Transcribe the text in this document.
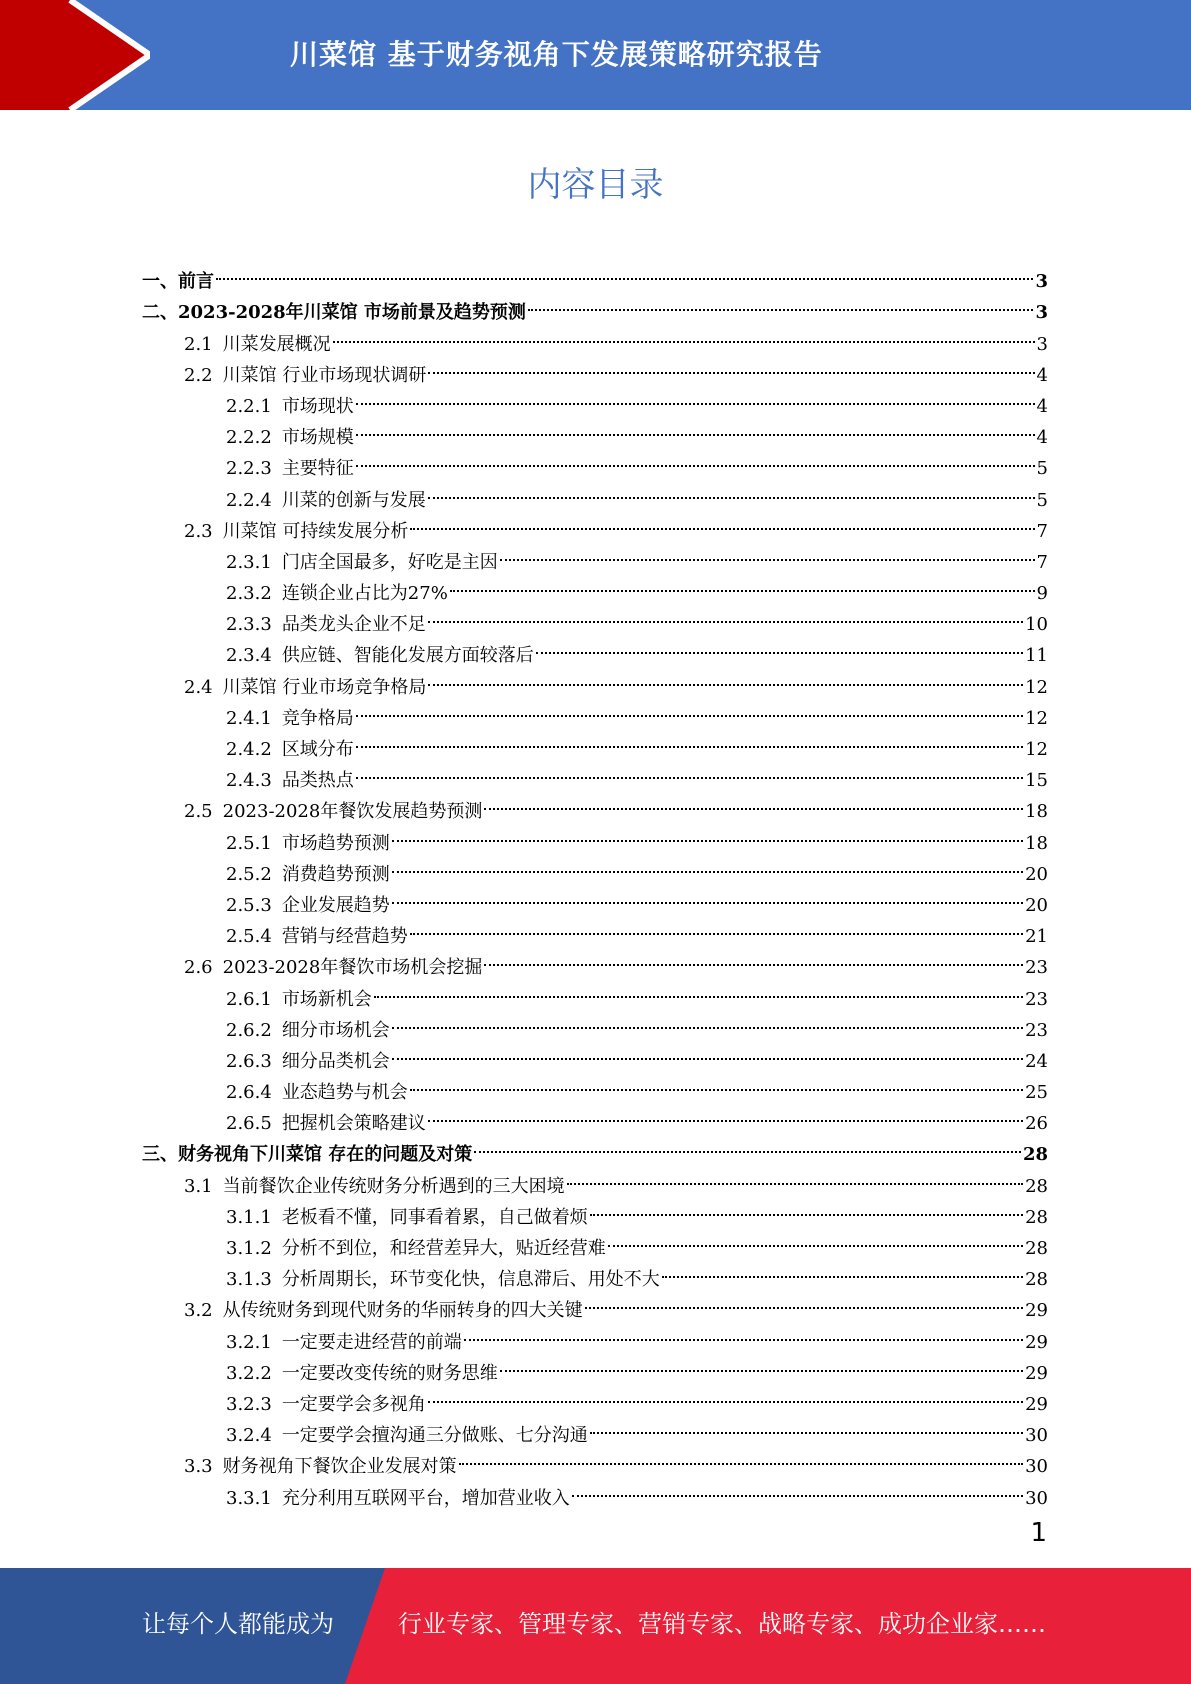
川菜馆 基于财务视角下发展策略研究报告
内容目录
一、 前言	3
二、 2023-2028年川菜馆 市场前景及趋势预测	3
2.1 川菜发展概况	3
2.2 川菜馆 行业市场现状调研	4
2.2.1 市场现状	4
2.2.2 市场规模	4
2.2.3 主要特征	5
2.2.4 川菜的创新与发展	5
2.3 川菜馆 可持续发展分析	7
2.3.1 门店全国最多，好吃是主因	7
2.3.2 连锁企业占比为27%	9
2.3.3 品类龙头企业不足	10
2.3.4 供应链、智能化发展方面较落后	11
2.4 川菜馆 行业市场竞争格局	12
2.4.1 竞争格局	12
2.4.2 区域分布	12
2.4.3 品类热点	15
2.5 2023-2028年餐饮发展趋势预测	18
2.5.1 市场趋势预测	18
2.5.2 消费趋势预测	20
2.5.3 企业发展趋势	20
2.5.4 营销与经营趋势	21
2.6 2023-2028年餐饮市场机会挖掘	23
2.6.1 市场新机会	23
2.6.2 细分市场机会	23
2.6.3 细分品类机会	24
2.6.4 业态趋势与机会	25
2.6.5 把握机会策略建议	26
三、 财务视角下川菜馆 存在的问题及对策	28
3.1 当前餐饮企业传统财务分析遇到的三大困境	28
3.1.1 老板看不懂，同事看着累，自己做着烦	28
3.1.2 分析不到位，和经营差异大，贴近经营难	28
3.1.3 分析周期长，环节变化快，信息滞后、用处不大	28
3.2 从传统财务到现代财务的华丽转身的四大关键	29
3.2.1 一定要走进经营的前端	29
3.2.2 一定要改变传统的财务思维	29
3.2.3 一定要学会多视角	29
3.2.4 一定要学会擅沟通三分做账、七分沟通	30
3.3 财务视角下餐饮企业发展对策	30
3.3.1 充分利用互联网平台，增加营业收入	30
1
让每个人都能成为	行业专家、管理专家、营销专家、战略专家、成功企业家……
